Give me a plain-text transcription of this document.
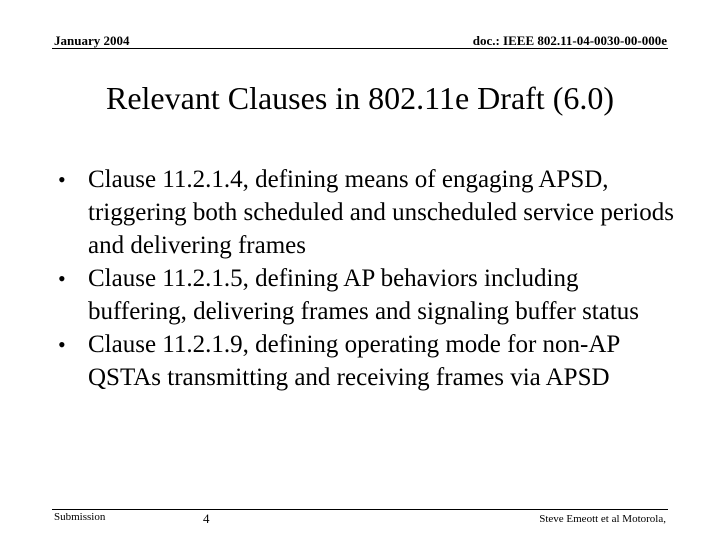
January 2004	doc.: IEEE 802.11-04-0030-00-000e
Relevant Clauses in 802.11e Draft (6.0)
• Clause 11.2.1.4, defining means of engaging APSD, triggering both scheduled and unscheduled service periods and delivering frames
• Clause 11.2.1.5, defining AP behaviors including buffering, delivering frames and signaling buffer status
• Clause 11.2.1.9, defining operating mode for non-AP QSTAs transmitting and receiving frames via APSD
Submission	4	Steve Emeott et al Motorola,
